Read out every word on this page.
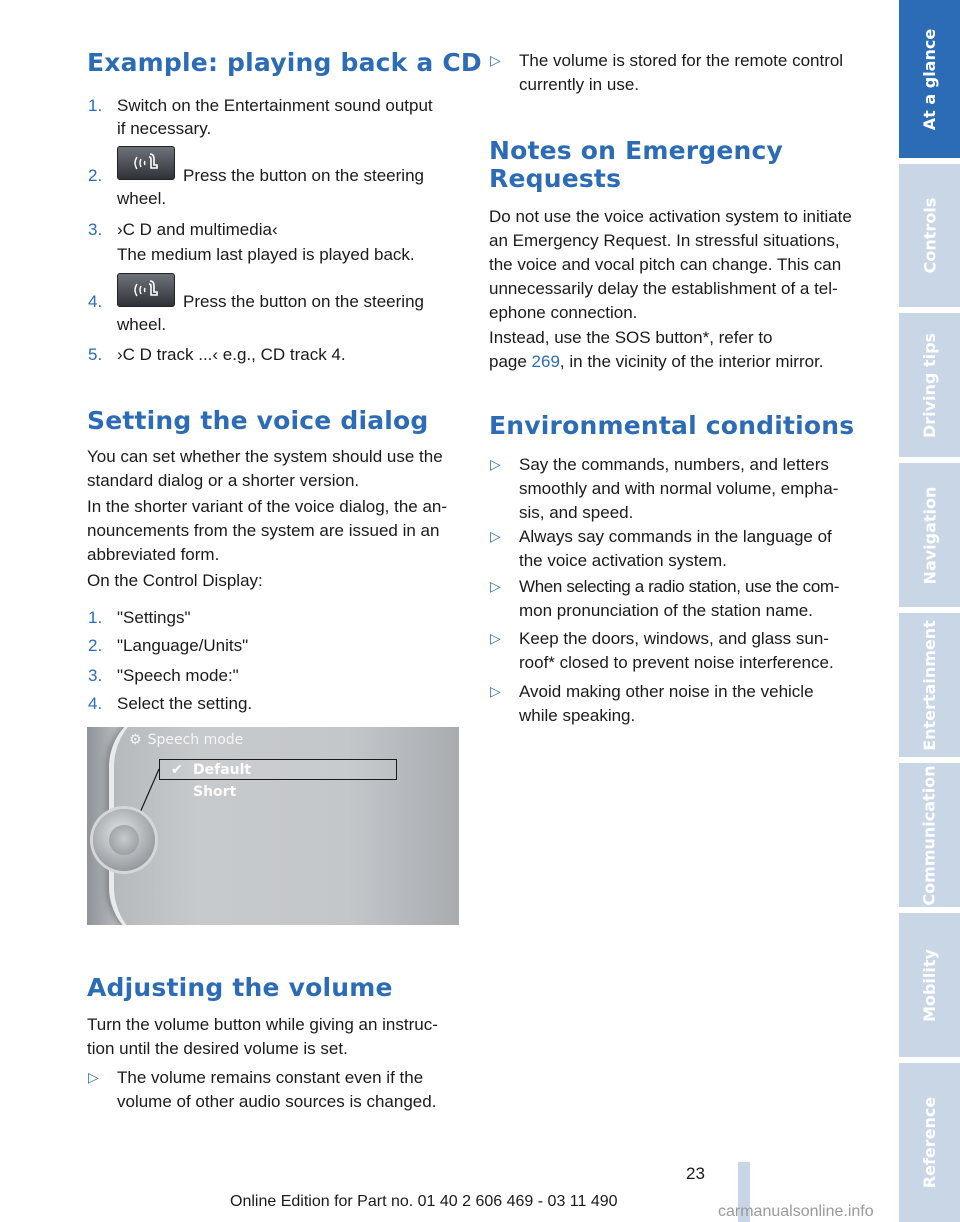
Example: playing back a CD
1. Switch on the Entertainment sound output

if necessary.

2.	Press the button on the steering

wheel.

3. ›C D and multimedia‹

The medium last played is played back.

4.	Press the button on the steering

wheel.

5. ›C D track ...‹ e.g., CD track 4.

Setting the voice dialog

You can set whether the system should use the

standard dialog or a shorter version.

In the shorter variant of the voice dialog, the an-

nouncements from the system are issued in an

abbreviated form.

On the Control Display:

1. "Settings"

2. "Language/Units"

3. "Speech mode:"

4. Select the setting.

⚙ Speech mode
✔ Default
Short
Adjusting the volume

Turn the volume button while giving an instruc-

tion until the desired volume is set.

▷ The volume remains constant even if the

volume of other audio sources is changed.

▷ The volume is stored for the remote control

currently in use.

Notes on Emergency
Requests

Do not use the voice activation system to initiate

an Emergency Request. In stressful situations,

the voice and vocal pitch can change. This can

unnecessarily delay the establishment of a tel-

ephone connection.

Instead, use the SOS button*, refer to

page 269, in the vicinity of the interior mirror.

Environmental conditions
▷ Say the commands, numbers, and letters

smoothly and with normal volume, empha-

sis, and speed.

▷ Always say commands in the language of

the voice activation system.

▷ When selecting a radio station, use the com-

mon pronunciation of the station name.

▷ Keep the doors, windows, and glass sun-

roof* closed to prevent noise interference.

▷ Avoid making other noise in the vehicle

while speaking.

At a glance
Controls
Driving tips
Navigation
Entertainment
Communication
Mobility
Reference
23
Online Edition for Part no. 01 40 2 606 469 - 03 11 490
carmanualsonline.info
